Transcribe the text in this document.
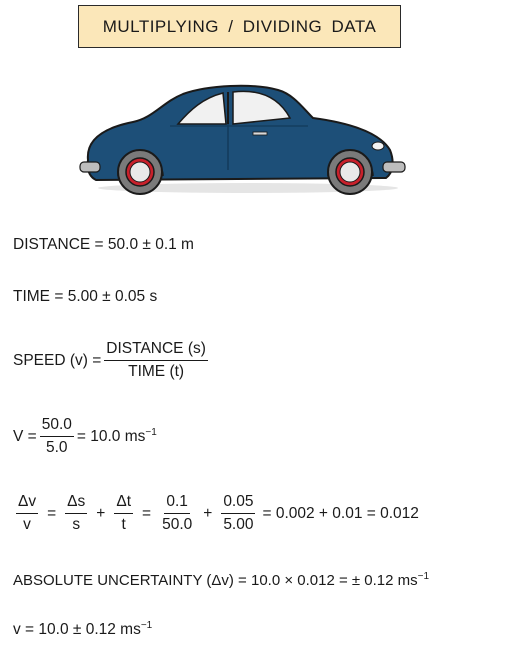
MULTIPLYING / DIVIDING DATA
DISTANCE = 50.0 ± 0.1 m
TIME = 5.00 ± 0.05 s
SPEED $(v) = \frac{\text{DISTANCE (s)}}{\text{TIME (t)}}$
$V = \frac{50.0}{5.0} = 10.0$ $ms^{-1}$
$\frac{\Delta v}{v} = \frac{\Delta s}{s} + \frac{\Delta t}{t} = \frac{0.1}{50.0} + \frac{0.05}{5.00} = 0.002 + 0.01 = 0.012$
ABSOLUTE UNCERTAINTY (Δv) = 10.0 × 0.012 = ± 0.12 $ms^{-1}$
v = 10.0 ± 0.12 $ms^{-1}$
